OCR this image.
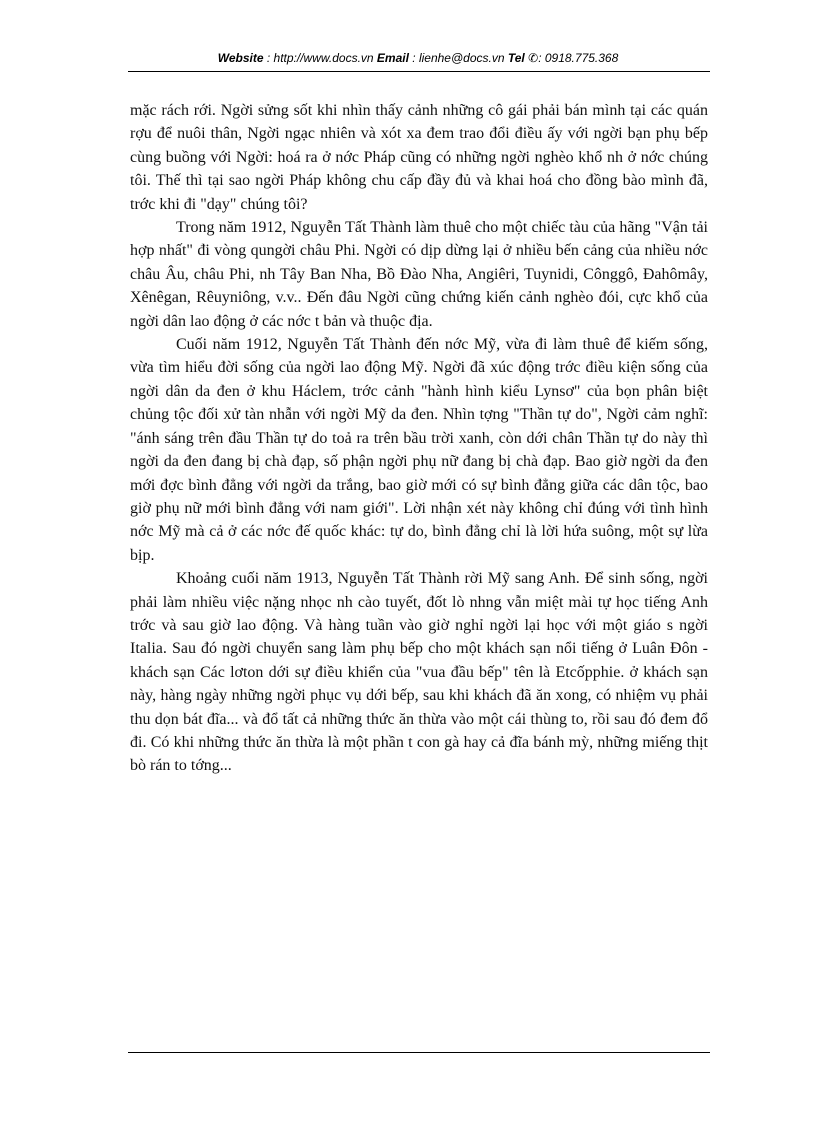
Website : http://www.docs.vn Email : lienhe@docs.vn Tel ✆: 0918.775.368

mặc rách rới. Ngời sửng sốt khi nhìn thấy cảnh những cô gái phải bán mình tại các quán rợu để nuôi thân, Ngời ngạc nhiên và xót xa đem trao đổi điều ấy với ngời bạn phụ bếp cùng buồng với Ngời: hoá ra ở nớc Pháp cũng có những ngời nghèo khổ nh ở nớc chúng tôi. Thế thì tại sao ngời Pháp không chu cấp đầy đủ và khai hoá cho đồng bào mình đã, trớc khi đi "dạy" chúng tôi?

Trong năm 1912, Nguyễn Tất Thành làm thuê cho một chiếc tàu của hãng "Vận tải hợp nhất" đi vòng qungời châu Phi. Ngời có dịp dừng lại ở nhiều bến cảng của nhiều nớc châu Âu, châu Phi, nh Tây Ban Nha, Bồ Đào Nha, Angiêri, Tuynidi, Cônggô, Đahômây, Xênêgan, Rêuyniông, v.v.. Đến đâu Ngời cũng chứng kiến cảnh nghèo đói, cực khổ của ngời dân lao động ở các nớc t bản và thuộc địa.

Cuối năm 1912, Nguyễn Tất Thành đến nớc Mỹ, vừa đi làm thuê để kiếm sống, vừa tìm hiểu đời sống của ngời lao động Mỹ. Ngời đã xúc động trớc điều kiện sống của ngời dân da đen ở khu Háclem, trớc cảnh "hành hình kiểu Lynsơ" của bọn phân biệt chủng tộc đối xử tàn nhẫn với ngời Mỹ da đen. Nhìn tợng "Thần tự do", Ngời cảm nghĩ: "ánh sáng trên đầu Thần tự do toả ra trên bầu trời xanh, còn dới chân Thần tự do này thì ngời da đen đang bị chà đạp, số phận ngời phụ nữ đang bị chà đạp. Bao giờ ngời da đen mới đợc bình đẳng với ngời da trắng, bao giờ mới có sự bình đẳng giữa các dân tộc, bao giờ phụ nữ mới bình đẳng với nam giới". Lời nhận xét này không chỉ đúng với tình hình nớc Mỹ mà cả ở các nớc đế quốc khác: tự do, bình đẳng chỉ là lời hứa suông, một sự lừa bịp.

Khoảng cuối năm 1913, Nguyễn Tất Thành rời Mỹ sang Anh. Để sinh sống, ngời phải làm nhiều việc nặng nhọc nh cào tuyết, đốt lò nhng vẫn miệt mài tự học tiếng Anh trớc và sau giờ lao động. Và hàng tuần vào giờ nghỉ ngời lại học với một giáo s ngời Italia. Sau đó ngời chuyển sang làm phụ bếp cho một khách sạn nổi tiếng ở Luân Đôn - khách sạn Các lơton dới sự điều khiển của "vua đầu bếp" tên là Etcốpphie. ở khách sạn này, hàng ngày những ngời phục vụ dới bếp, sau khi khách đã ăn xong, có nhiệm vụ phải thu dọn bát đĩa... và đổ tất cả những thức ăn thừa vào một cái thùng to, rồi sau đó đem đổ đi. Có khi những thức ăn thừa là một phần t con gà hay cả đĩa bánh mỳ, những miếng thịt bò rán to tớng...
